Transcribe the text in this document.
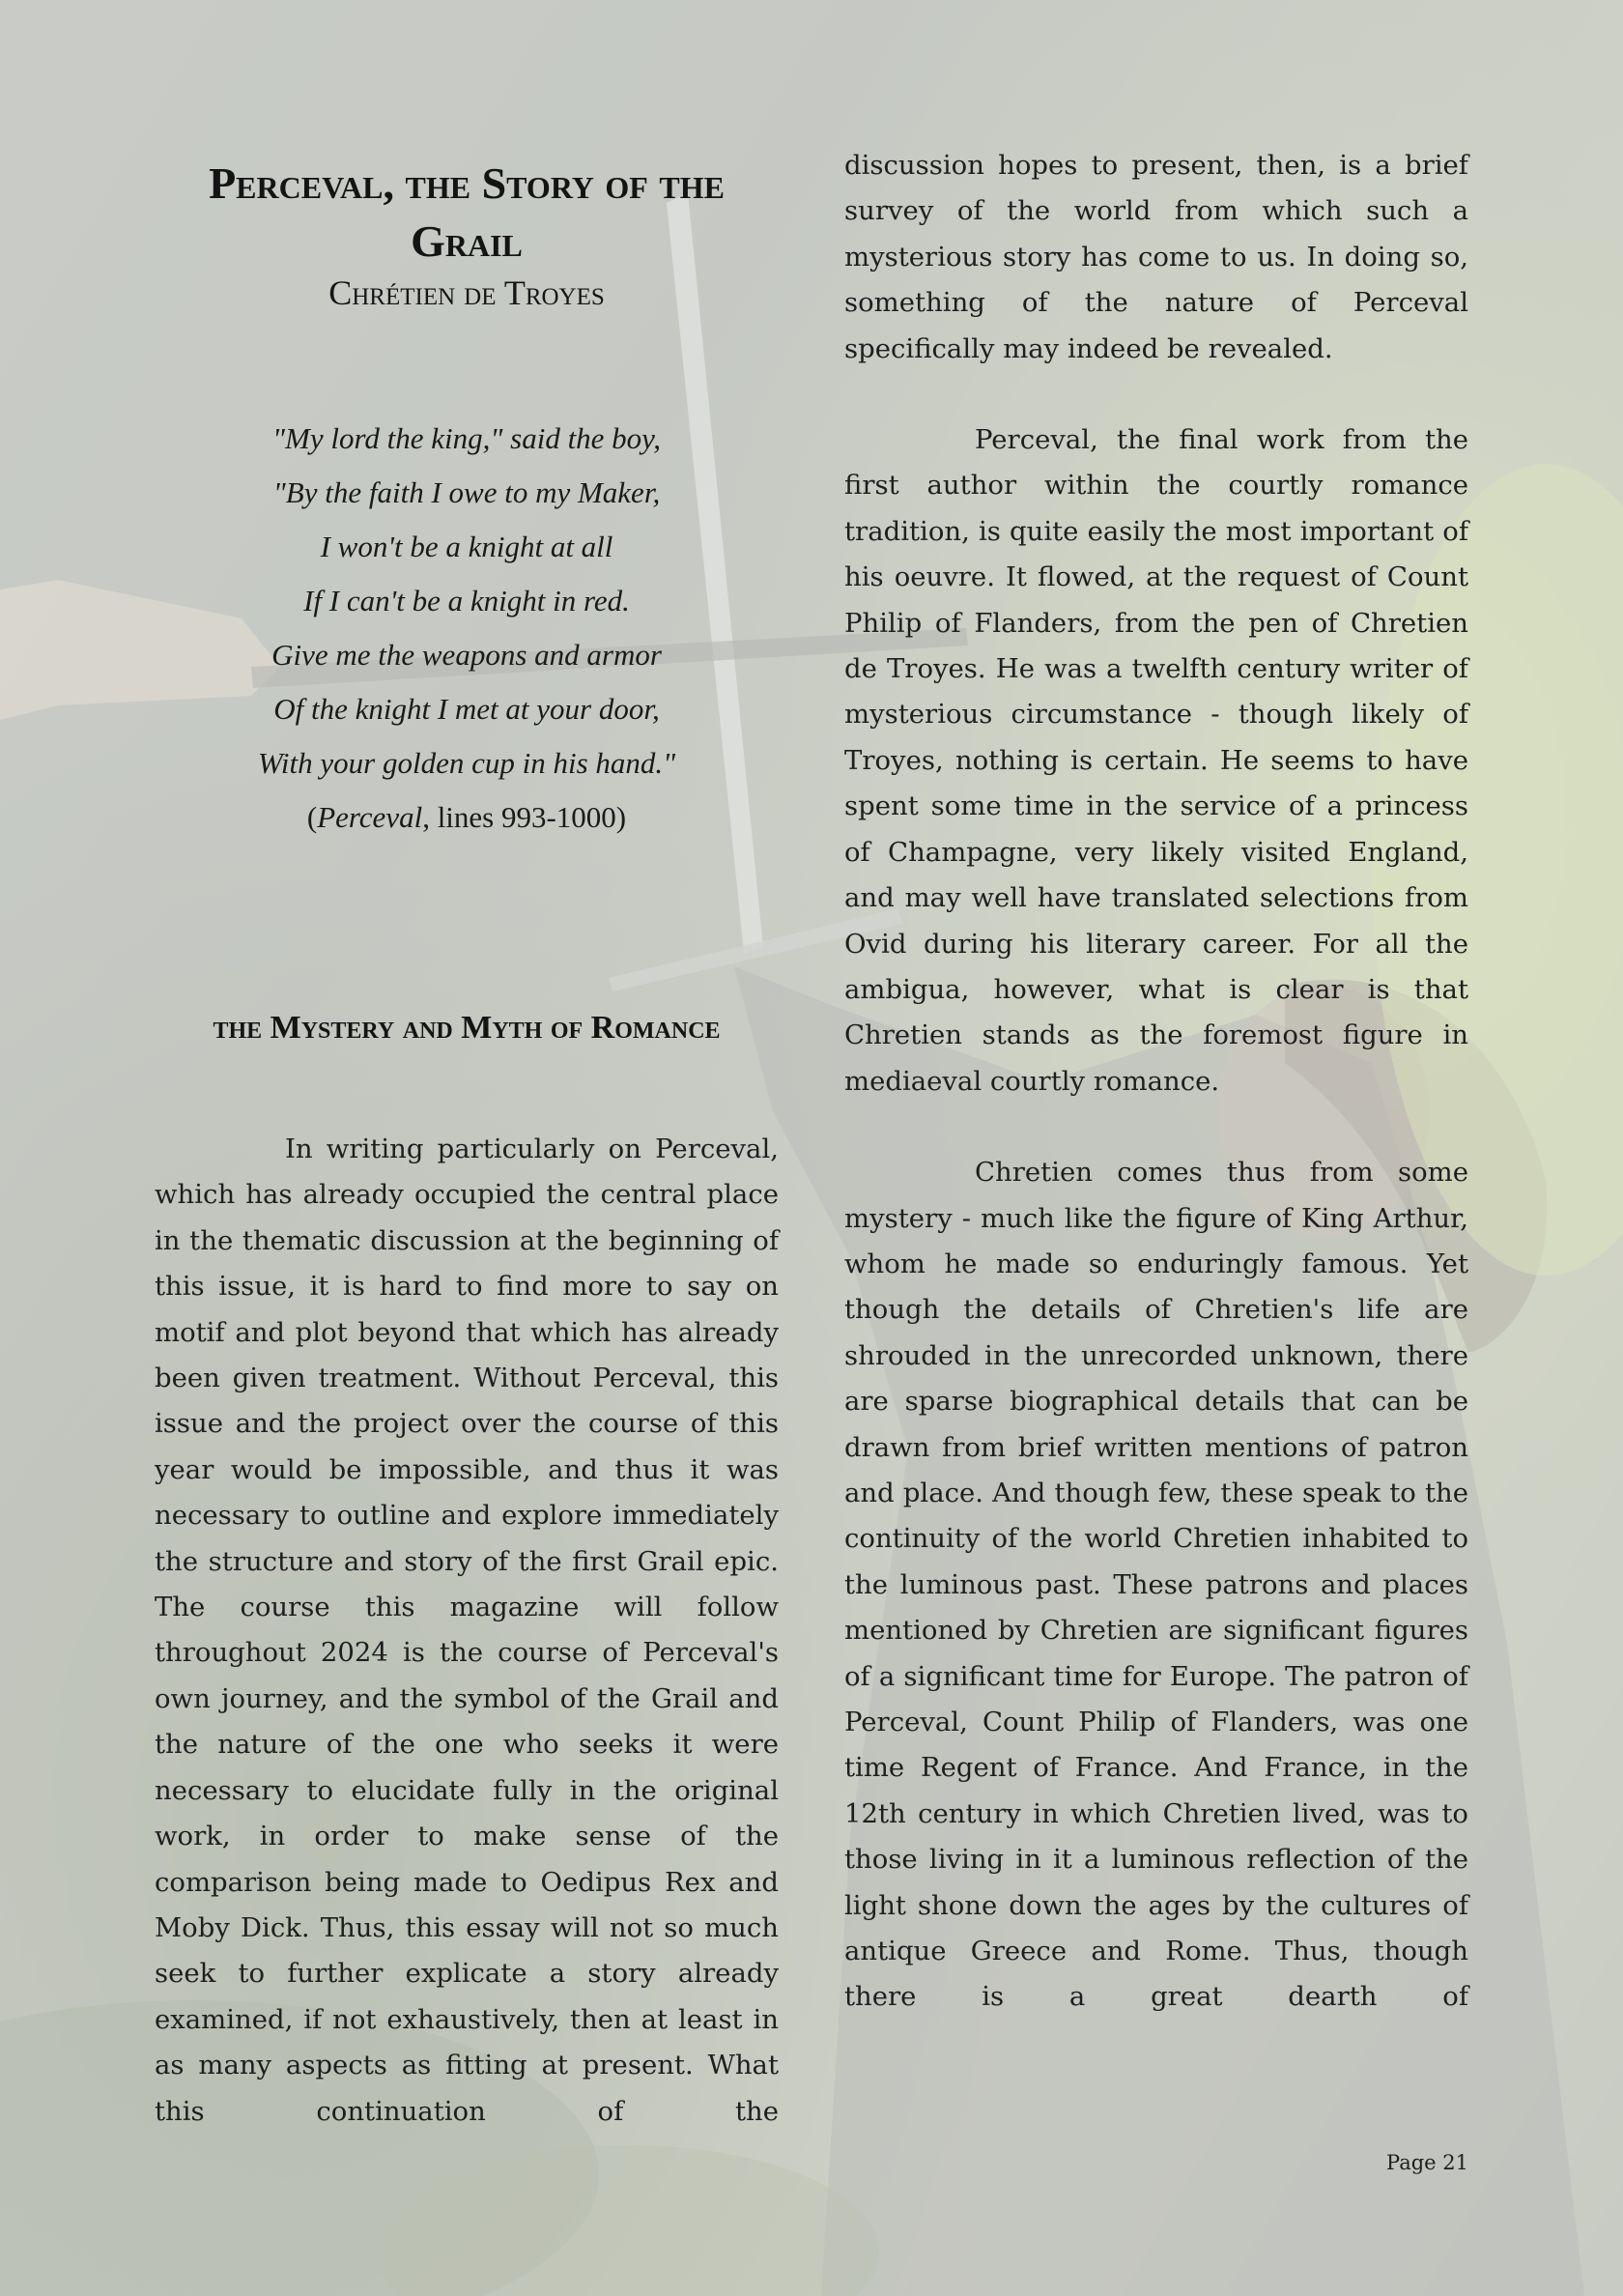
Perceval, the Story of the Grail
Chrétien de Troyes
"My lord the king," said the boy,
"By the faith I owe to my Maker,
I won't be a knight at all
If I can't be a knight in red.
Give me the weapons and armor
Of the knight I met at your door,
With your golden cup in his hand."
(Perceval, lines 993-1000)
the Mystery and Myth of Romance

In writing particularly on Perceval, which has already occupied the central place in the thematic discussion at the beginning of this issue, it is hard to find more to say on motif and plot beyond that which has already been given treatment. Without Perceval, this issue and the project over the course of this year would be impossible, and thus it was necessary to outline and explore immediately the structure and story of the first Grail epic. The course this magazine will follow throughout 2024 is the course of Perceval's own journey, and the symbol of the Grail and the nature of the one who seeks it were necessary to elucidate fully in the original work, in order to make sense of the comparison being made to Oedipus Rex and Moby Dick. Thus, this essay will not so much seek to further explicate a story already examined, if not exhaustively, then at least in as many aspects as fitting at present. What this continuation of the

discussion hopes to present, then, is a brief survey of the world from which such a mysterious story has come to us. In doing so, something of the nature of Perceval specifically may indeed be revealed.

Perceval, the final work from the first author within the courtly romance tradition, is quite easily the most important of his oeuvre. It flowed, at the request of Count Philip of Flanders, from the pen of Chretien de Troyes. He was a twelfth century writer of mysterious circumstance - though likely of Troyes, nothing is certain. He seems to have spent some time in the service of a princess of Champagne, very likely visited England, and may well have translated selections from Ovid during his literary career. For all the ambigua, however, what is clear is that Chretien stands as the foremost figure in mediaeval courtly romance.

Chretien comes thus from some mystery - much like the figure of King Arthur, whom he made so enduringly famous. Yet though the details of Chretien's life are shrouded in the unrecorded unknown, there are sparse biographical details that can be drawn from brief written mentions of patron and place. And though few, these speak to the continuity of the world Chretien inhabited to the luminous past. These patrons and places mentioned by Chretien are significant figures of a significant time for Europe. The patron of Perceval, Count Philip of Flanders, was one time Regent of France. And France, in the 12th century in which Chretien lived, was to those living in it a luminous reflection of the light shone down the ages by the cultures of antique Greece and Rome. Thus, though there is a great dearth of

Page 21
